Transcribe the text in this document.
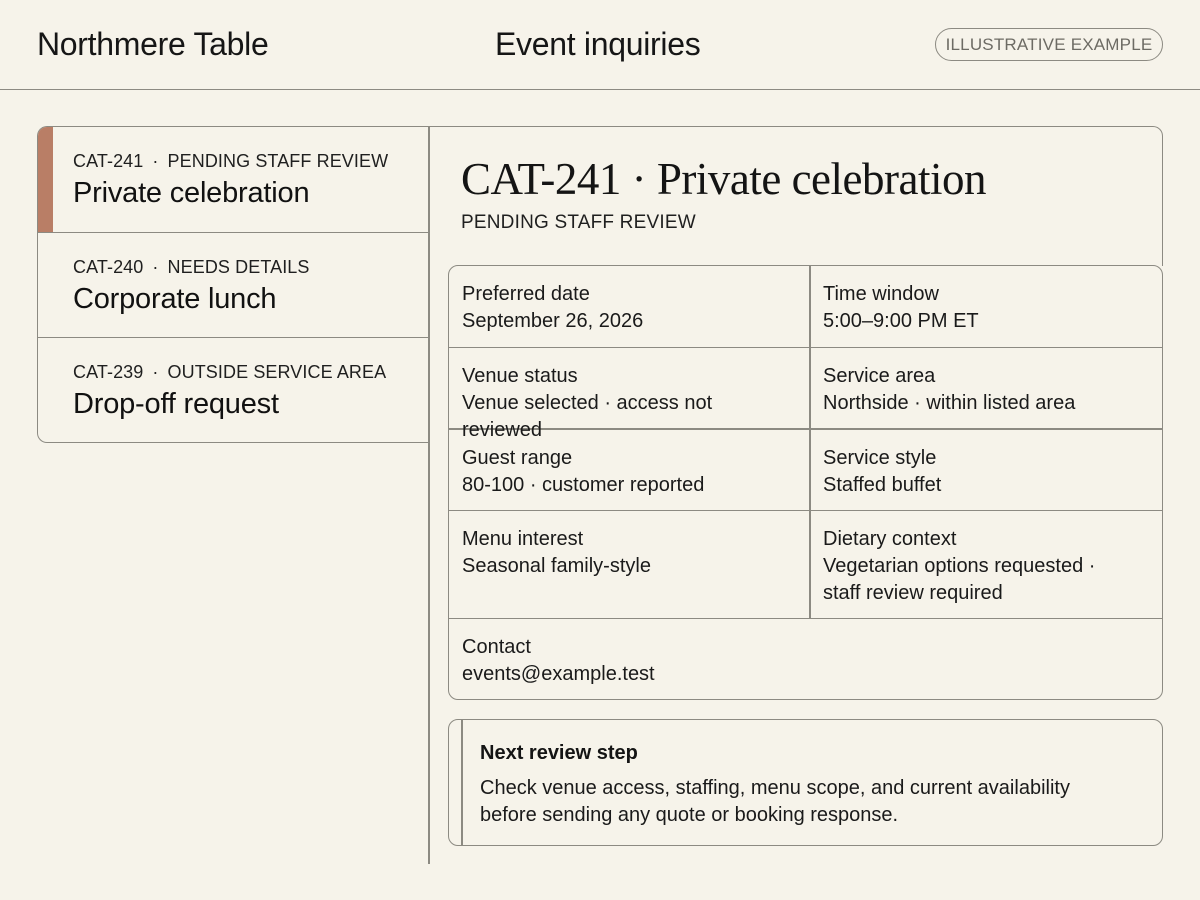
Northmere Table	Event inquiries	ILLUSTRATIVE EXAMPLE
CAT-241 · PENDING STAFF REVIEW
Private celebration
CAT-240 · NEEDS DETAILS
Corporate lunch
CAT-239 · OUTSIDE SERVICE AREA
Drop-off request
CAT-241 · Private celebration
PENDING STAFF REVIEW
Preferred date
September 26, 2026
Time window
5:00–9:00 PM ET
Venue status
Venue selected · access not reviewed
Service area
Northside · within listed area
Guest range
80-100 · customer reported
Service style
Staffed buffet
Menu interest
Seasonal family-style
Dietary context
Vegetarian options requested ·
staff review required
Contact
events@example.test
Next review step
Check venue access, staffing, menu scope, and current availability
before sending any quote or booking response.
